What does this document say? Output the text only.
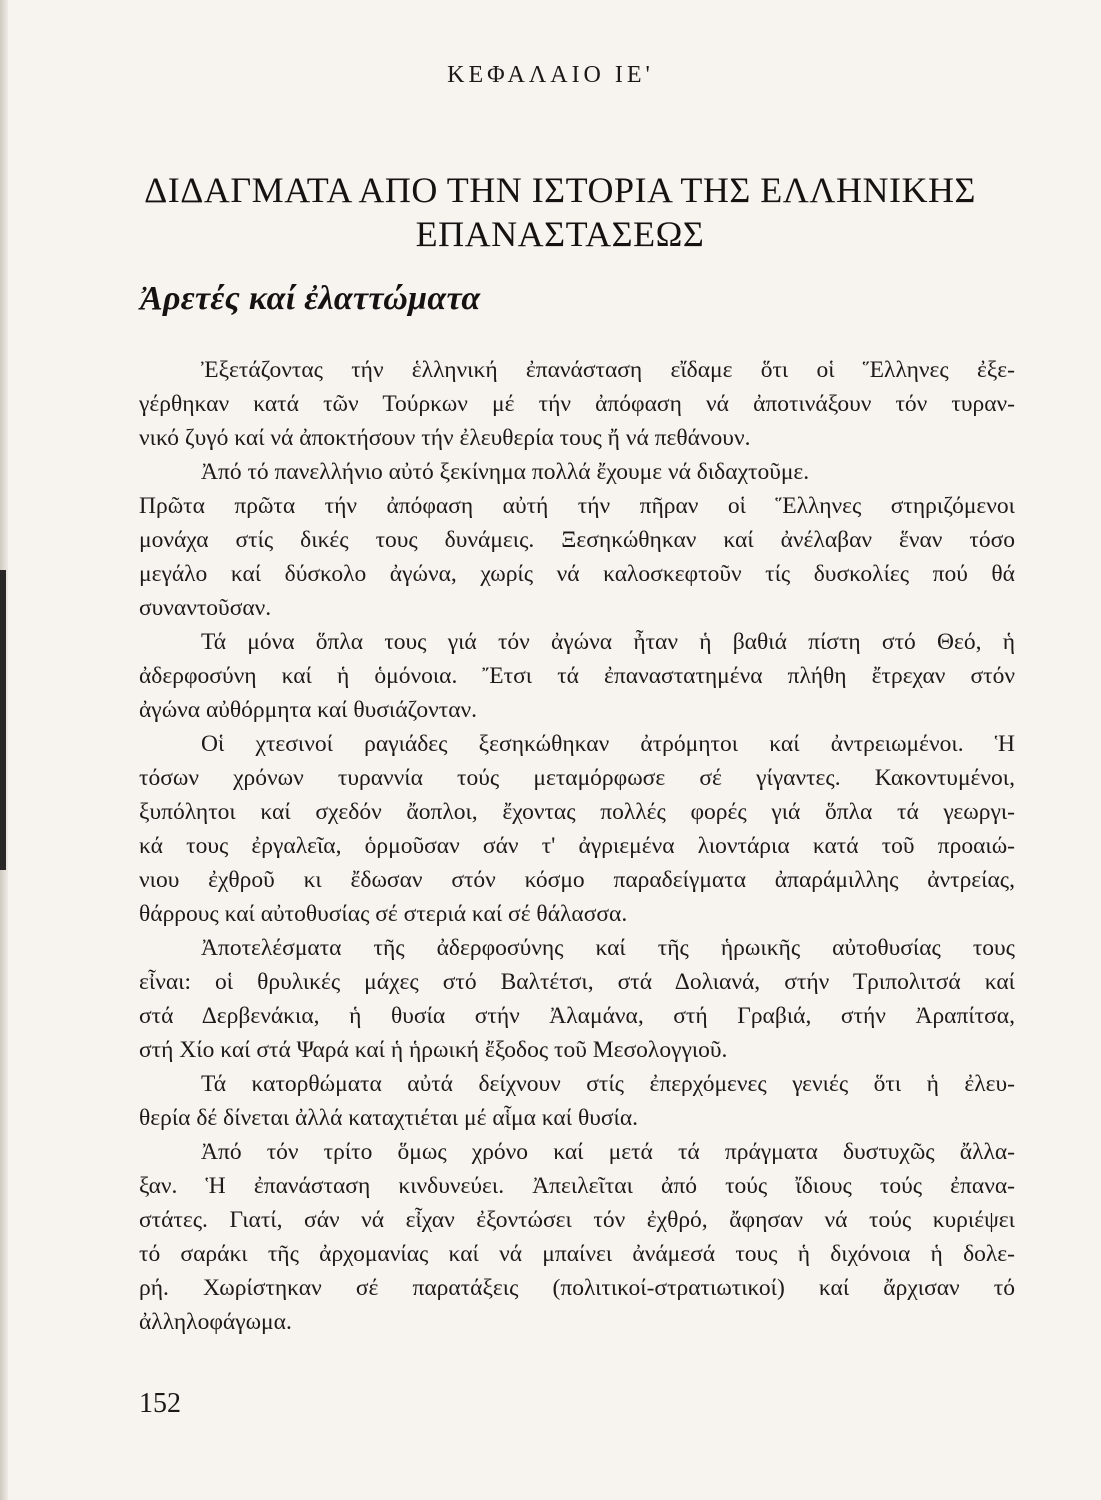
ΚΕΦΑΛΑΙΟ ΙΕ'
ΔΙΔΑΓΜΑΤΑ ΑΠΟ ΤΗΝ ΙΣΤΟΡΙΑ ΤΗΣ ΕΛΛΗΝΙΚΗΣ
ΕΠΑΝΑΣΤΑΣΕΩΣ
Ἀρετές καί ἐλαττώματα
Ἐξετάζοντας τήν ἑλληνική ἐπανάσταση εἴδαμε ὅτι οἱ Ἕλληνες ἐξε-
γέρθηκαν κατά τῶν Τούρκων μέ τήν ἀπόφαση νά ἀποτινάξουν τόν τυραν-
νικό ζυγό καί νά ἀποκτήσουν τήν ἐλευθερία τους ἤ νά πεθάνουν.
Ἀπό τό πανελλήνιο αὐτό ξεκίνημα πολλά ἔχουμε νά διδαχτοῦμε.
Πρῶτα πρῶτα τήν ἀπόφαση αὐτή τήν πῆραν οἱ Ἕλληνες στηριζόμενοι
μονάχα στίς δικές τους δυνάμεις. Ξεσηκώθηκαν καί ἀνέλαβαν ἕναν τόσο
μεγάλο καί δύσκολο ἀγώνα, χωρίς νά καλοσκεφτοῦν τίς δυσκολίες πού θά
συναντοῦσαν.
Τά μόνα ὅπλα τους γιά τόν ἀγώνα ἦταν ἡ βαθιά πίστη στό Θεό, ἡ
ἀδερφοσύνη καί ἡ ὁμόνοια. Ἔτσι τά ἐπαναστατημένα πλήθη ἔτρεχαν στόν
ἀγώνα αὐθόρμητα καί θυσιάζονταν.
Οἱ χτεσινοί ραγιάδες ξεσηκώθηκαν ἀτρόμητοι καί ἀντρειωμένοι. Ἡ
τόσων χρόνων τυραννία τούς μεταμόρφωσε σέ γίγαντες. Κακοντυμένοι,
ξυπόλητοι καί σχεδόν ἄοπλοι, ἔχοντας πολλές φορές γιά ὅπλα τά γεωργι-
κά τους ἐργαλεῖα, ὁρμοῦσαν σάν τ' ἀγριεμένα λιοντάρια κατά τοῦ προαιώ-
νιου ἐχθροῦ κι ἔδωσαν στόν κόσμο παραδείγματα ἀπαράμιλλης ἀντρείας,
θάρρους καί αὐτοθυσίας σέ στεριά καί σέ θάλασσα.
Ἀποτελέσματα τῆς ἀδερφοσύνης καί τῆς ἡρωικῆς αὐτοθυσίας τους
εἶναι: οἱ θρυλικές μάχες στό Βαλτέτσι, στά Δολιανά, στήν Τριπολιτσά καί
στά Δερβενάκια, ἡ θυσία στήν Ἀλαμάνα, στή Γραβιά, στήν Ἀραπίτσα,
στή Χίο καί στά Ψαρά καί ἡ ἡρωική ἔξοδος τοῦ Μεσολογγιοῦ.
Τά κατορθώματα αὐτά δείχνουν στίς ἐπερχόμενες γενιές ὅτι ἡ ἐλευ-
θερία δέ δίνεται ἀλλά καταχτιέται μέ αἷμα καί θυσία.
Ἀπό τόν τρίτο ὅμως χρόνο καί μετά τά πράγματα δυστυχῶς ἄλλα-
ξαν. Ἡ ἐπανάσταση κινδυνεύει. Ἀπειλεῖται ἀπό τούς ἴδιους τούς ἐπανα-
στάτες. Γιατί, σάν νά εἶχαν ἐξοντώσει τόν ἐχθρό, ἄφησαν νά τούς κυριέψει
τό σαράκι τῆς ἀρχομανίας καί νά μπαίνει ἀνάμεσά τους ἡ διχόνοια ἡ δολε-
ρή. Χωρίστηκαν σέ παρατάξεις (πολιτικοί-στρατιωτικοί) καί ἄρχισαν τό
ἀλληλοφάγωμα.
152
